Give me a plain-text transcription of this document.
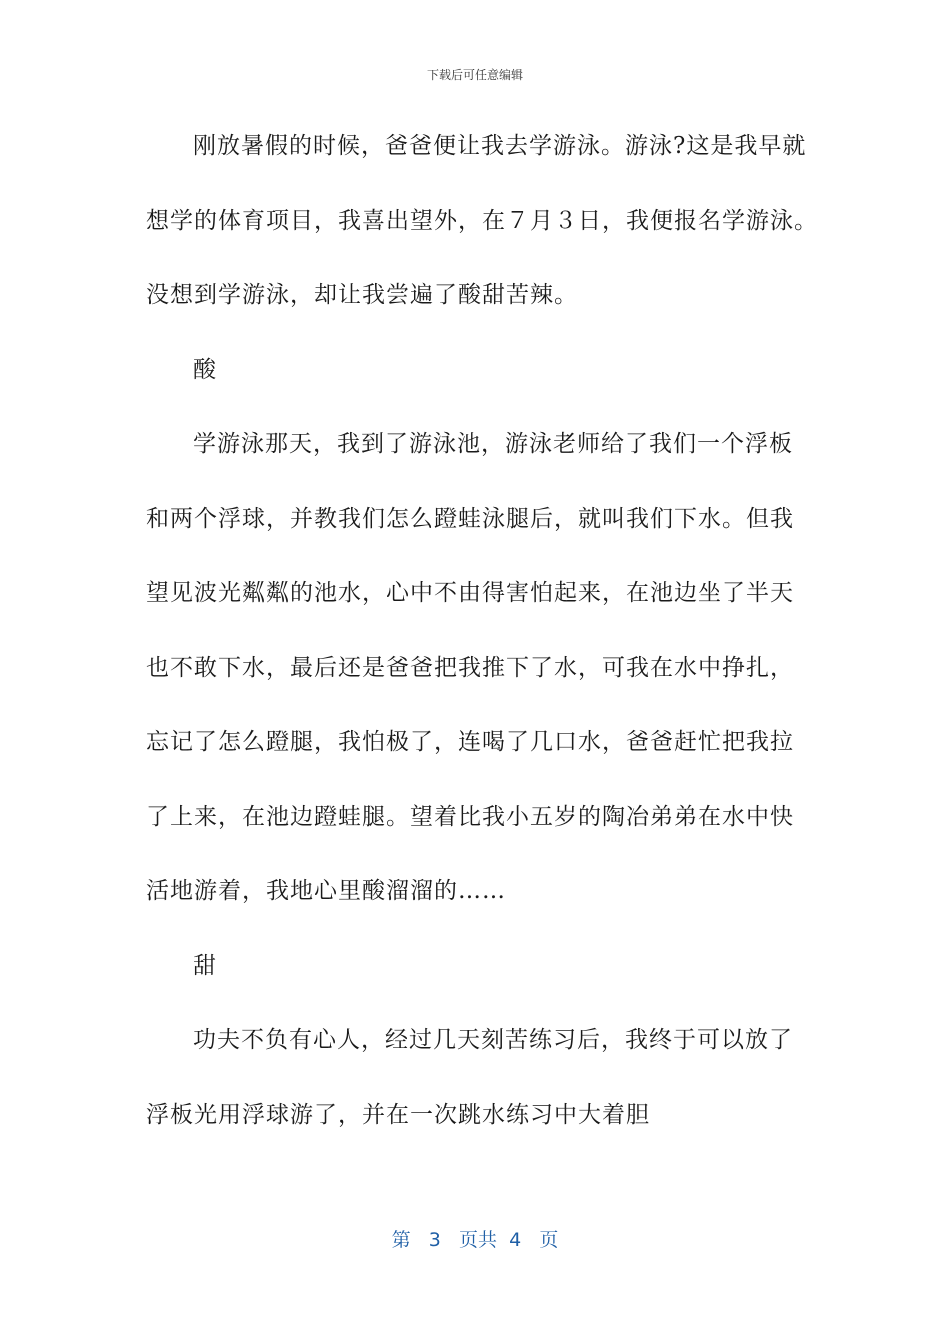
下载后可任意编辑
刚放暑假的时候，爸爸便让我去学游泳。游泳?这是我早就
想学的体育项目，我喜出望外，在７月３日，我便报名学游泳。
没想到学游泳，却让我尝遍了酸甜苦辣。
酸
学游泳那天，我到了游泳池，游泳老师给了我们一个浮板
和两个浮球，并教我们怎么蹬蛙泳腿后，就叫我们下水。但我
望见波光粼粼的池水，心中不由得害怕起来，在池边坐了半天
也不敢下水，最后还是爸爸把我推下了水，可我在水中挣扎，
忘记了怎么蹬腿，我怕极了，连喝了几口水，爸爸赶忙把我拉
了上来，在池边蹬蛙腿。望着比我小五岁的陶冶弟弟在水中快
活地游着，我地心里酸溜溜的……
甜
功夫不负有心人，经过几天刻苦练习后，我终于可以放了
浮板光用浮球游了，并在一次跳水练习中大着胆
第 3 页共 4 页
